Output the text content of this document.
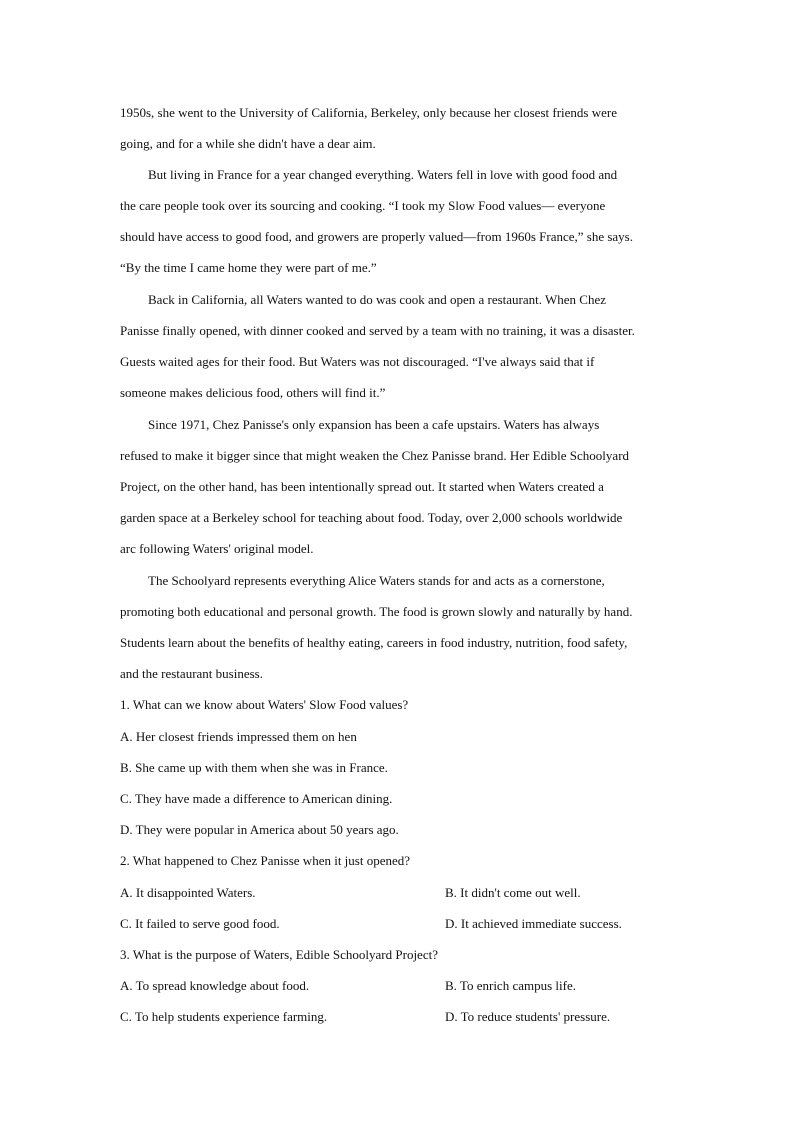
1950s, she went to the University of California, Berkeley, only because her closest friends were
going, and for a while she didn't have a dear aim.
But living in France for a year changed everything. Waters fell in love with good food and
the care people took over its sourcing and cooking. “I took my Slow Food values— everyone
should have access to good food, and growers are properly valued—from 1960s France,” she says.
“By the time I came home they were part of me.”
Back in California, all Waters wanted to do was cook and open a restaurant. When Chez
Panisse finally opened, with dinner cooked and served by a team with no training, it was a disaster.
Guests waited ages for their food. But Waters was not discouraged. “I've always said that if
someone makes delicious food, others will find it.”
Since 1971, Chez Panisse's only expansion has been a cafe upstairs. Waters has always
refused to make it bigger since that might weaken the Chez Panisse brand. Her Edible Schoolyard
Project, on the other hand, has been intentionally spread out. It started when Waters created a
garden space at a Berkeley school for teaching about food. Today, over 2,000 schools worldwide
arc following Waters' original model.
The Schoolyard represents everything Alice Waters stands for and acts as a cornerstone,
promoting both educational and personal growth. The food is grown slowly and naturally by hand.
Students learn about the benefits of healthy eating, careers in food industry, nutrition, food safety,
and the restaurant business.
1. What can we know about Waters' Slow Food values?
A. Her closest friends impressed them on hen
B. She came up with them when she was in France.
C. They have made a difference to American dining.
D. They were popular in America about 50 years ago.
2. What happened to Chez Panisse when it just opened?
A. It disappointed Waters.	B. It didn't come out well.
C. It failed to serve good food.	D. It achieved immediate success.
3. What is the purpose of Waters, Edible Schoolyard Project?
A. To spread knowledge about food.	B. To enrich campus life.
C. To help students experience farming.	D. To reduce students' pressure.
